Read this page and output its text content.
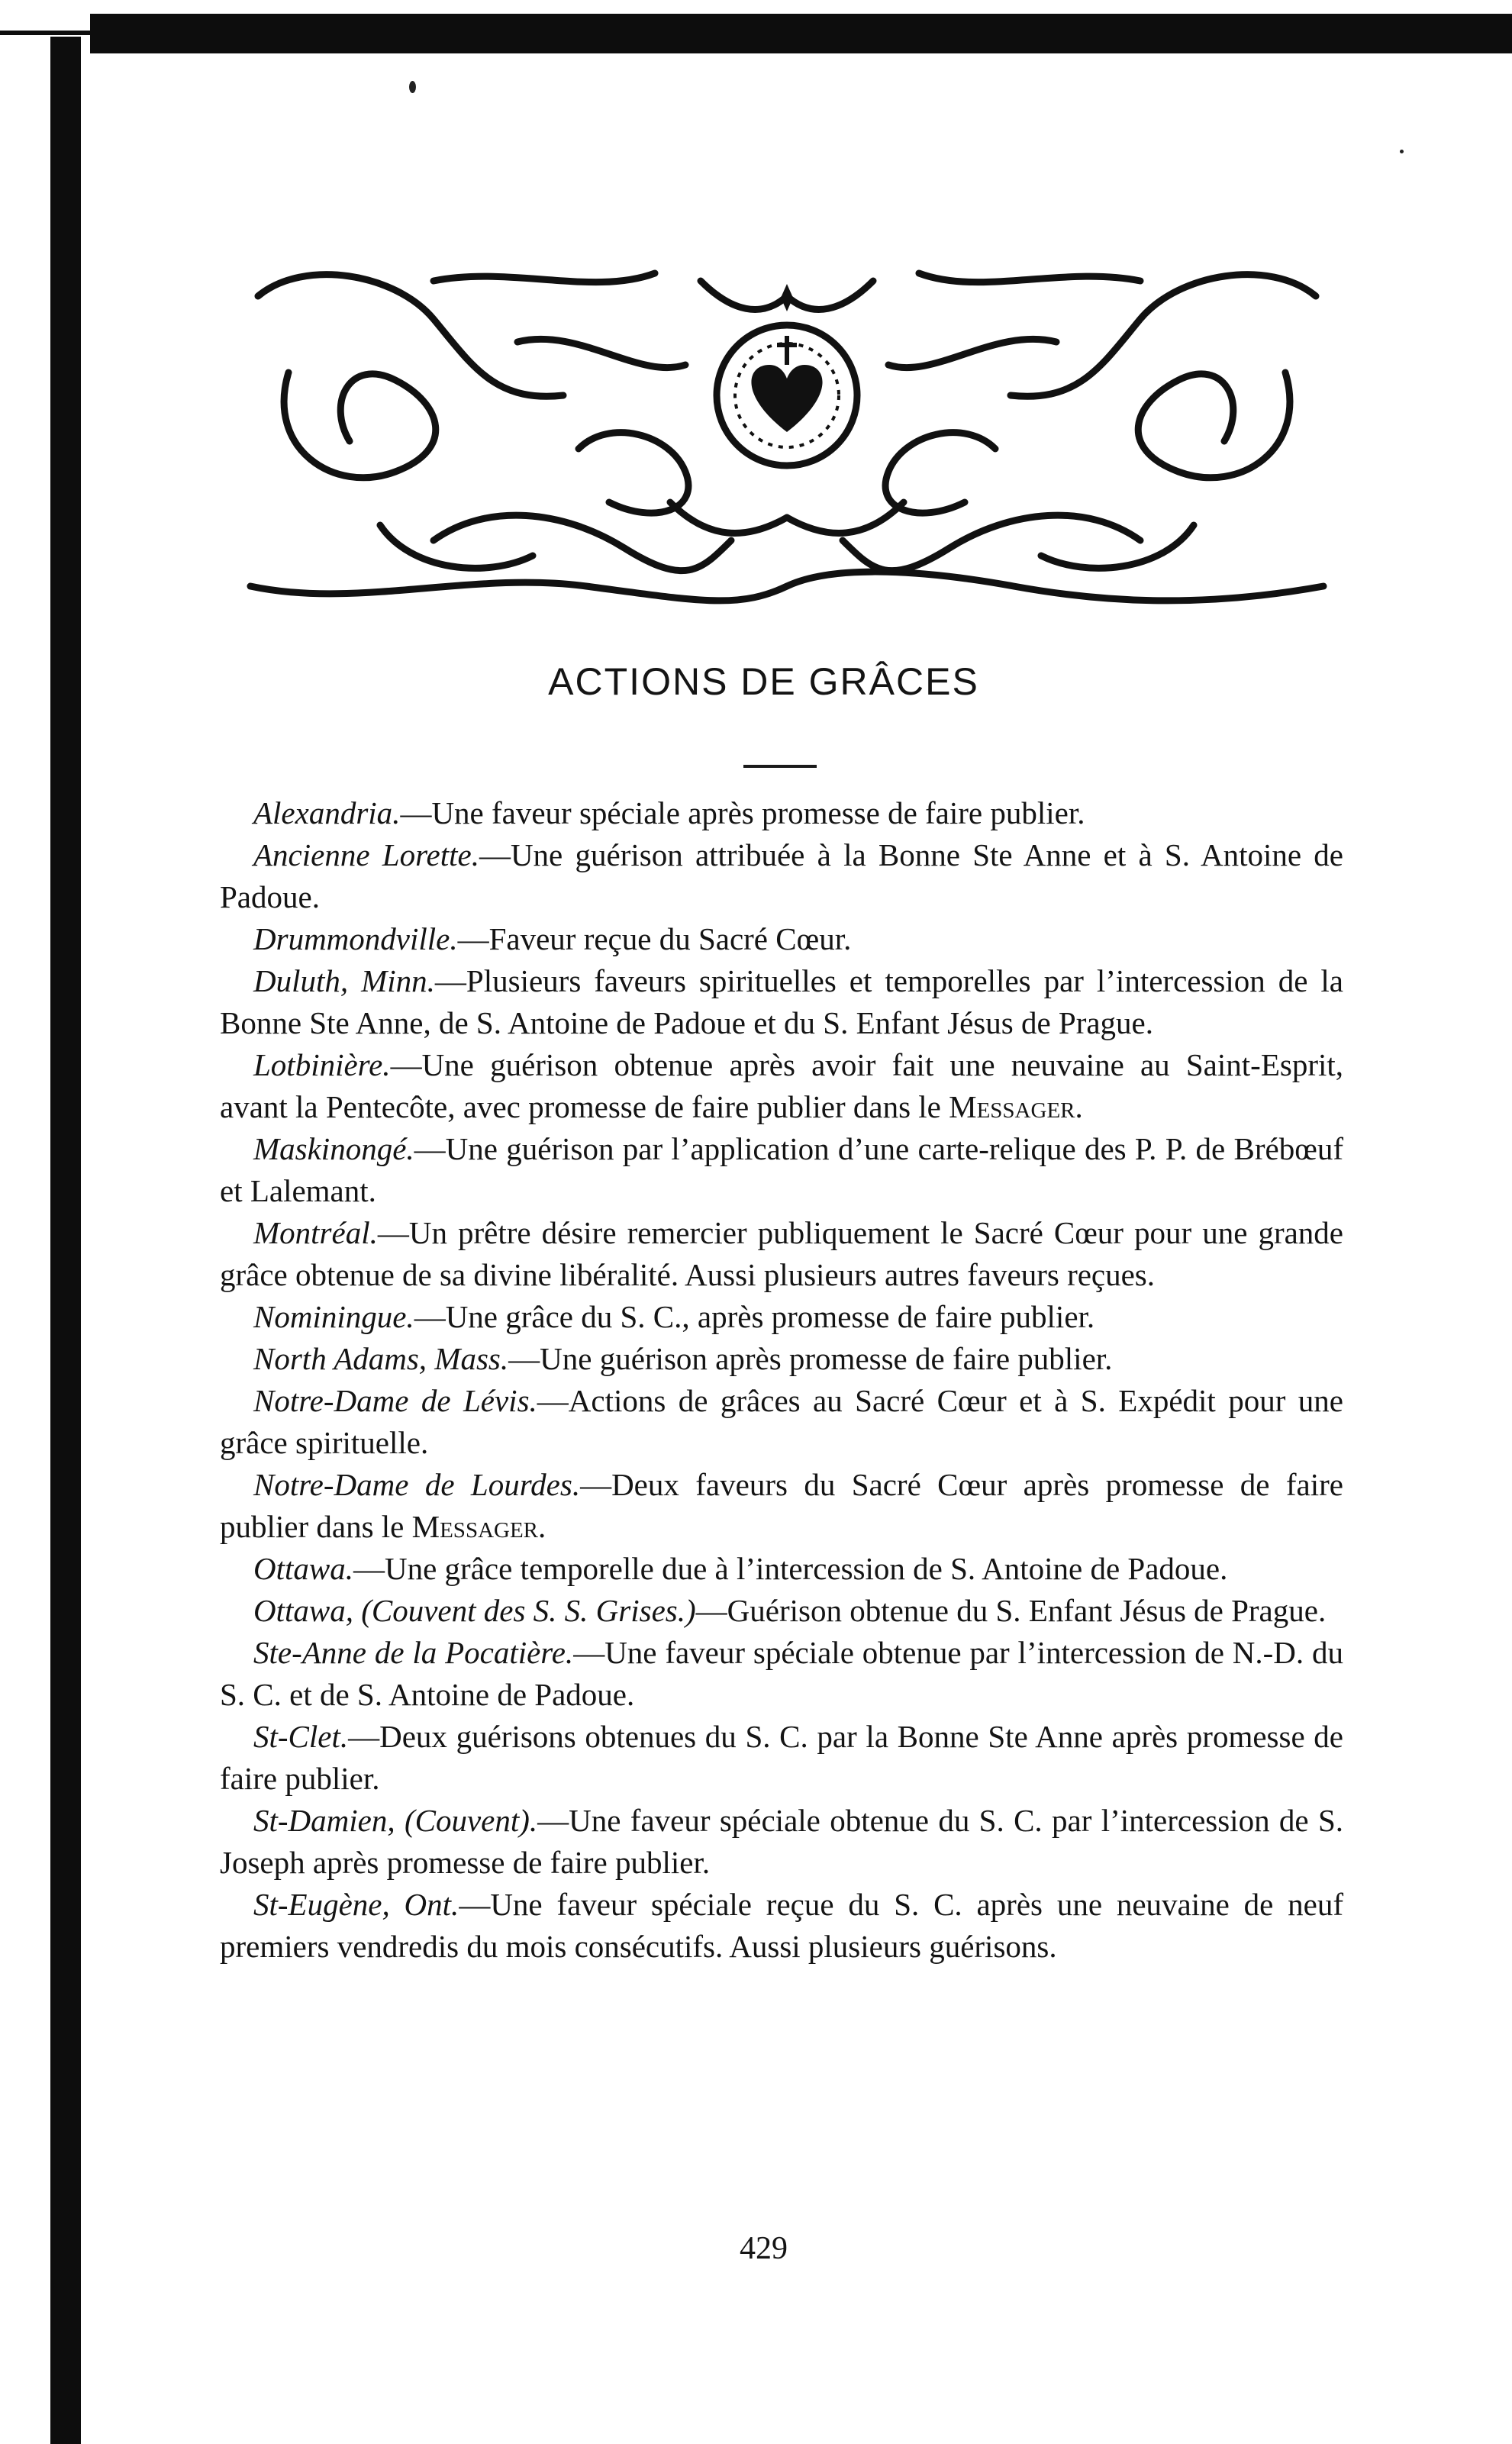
ACTIONS DE GRÂCES

Alexandria.—Une faveur spéciale après promesse de faire publier.

Ancienne Lorette.—Une guérison attribuée à la Bonne Ste Anne et à S. Antoine de Padoue.

Drummondville.—Faveur reçue du Sacré Cœur.

Duluth, Minn.—Plusieurs faveurs spirituelles et temporelles par l’intercession de la Bonne Ste Anne, de S. Antoine de Padoue et du S. Enfant Jésus de Prague.

Lotbinière.—Une guérison obtenue après avoir fait une neuvaine au Saint-Esprit, avant la Pentecôte, avec promesse de faire publier dans le Messager.

Maskinongé.—Une guérison par l’application d’une carte-relique des P. P. de Brébœuf et Lalemant.

Montréal.—Un prêtre désire remercier publiquement le Sacré Cœur pour une grande grâce obtenue de sa divine libéralité. Aussi plusieurs autres faveurs reçues.

Nominingue.—Une grâce du S. C., après promesse de faire publier.

North Adams, Mass.—Une guérison après promesse de faire publier.

Notre-Dame de Lévis.—Actions de grâces au Sacré Cœur et à S. Expédit pour une grâce spirituelle.

Notre-Dame de Lourdes.—Deux faveurs du Sacré Cœur après promesse de faire publier dans le Messager.

Ottawa.—Une grâce temporelle due à l’intercession de S. Antoine de Padoue.

Ottawa, (Couvent des S. S. Grises.)—Guérison obtenue du S. Enfant Jésus de Prague.

Ste-Anne de la Pocatière.—Une faveur spéciale obtenue par l’intercession de N.-D. du S. C. et de S. Antoine de Padoue.

St-Clet.—Deux guérisons obtenues du S. C. par la Bonne Ste Anne après promesse de faire publier.

St-Damien, (Couvent).—Une faveur spéciale obtenue du S. C. par l’intercession de S. Joseph après promesse de faire publier.

St-Eugène, Ont.—Une faveur spéciale reçue du S. C. après une neuvaine de neuf premiers vendredis du mois consécutifs. Aussi plusieurs guérisons.

429
